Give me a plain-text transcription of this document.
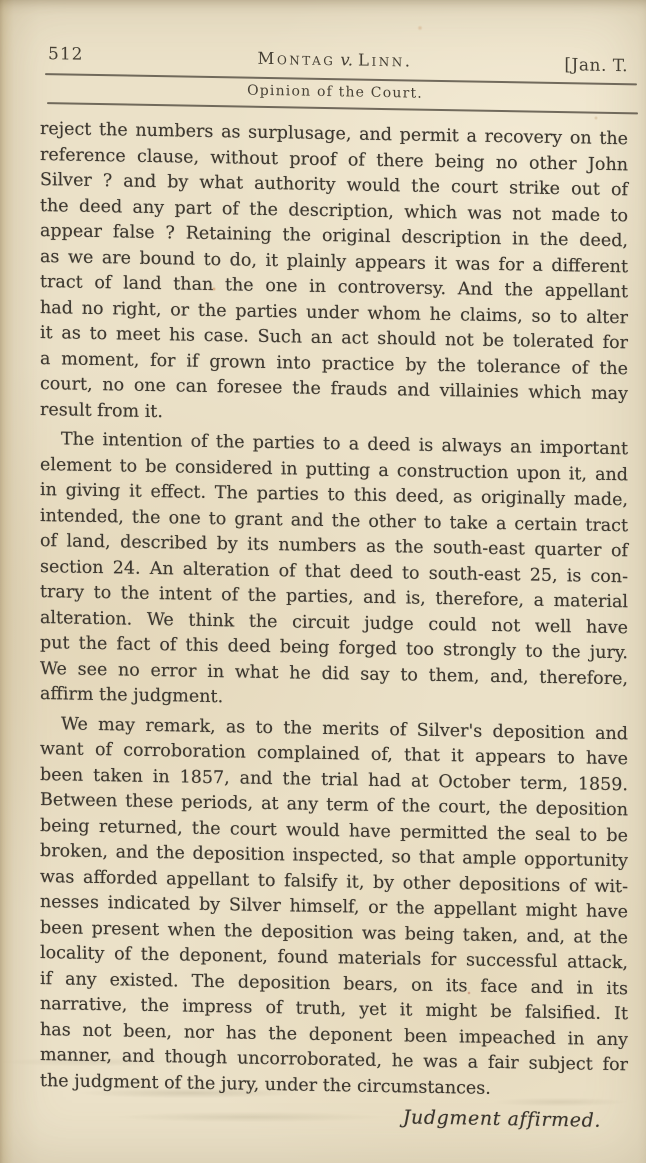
512	Montag v. Linn.	[Jan. T.
Opinion of the Court.
reject the numbers as surplusage, and permit a recovery on the
reference clause, without proof of there being no other John
Silver ? and by what authority would the court strike out of
the deed any part of the description, which was not made to
appear false ? Retaining the original description in the deed,
as we are bound to do, it plainly appears it was for a different
tract of land than the one in controversy. And the appellant
had no right, or the parties under whom he claims, so to alter
it as to meet his case. Such an act should not be tolerated for
a moment, for if grown into practice by the tolerance of the
court, no one can foresee the frauds and villainies which may
result from it.
The intention of the parties to a deed is always an important
element to be considered in putting a construction upon it, and
in giving it effect. The parties to this deed, as originally made,
intended, the one to grant and the other to take a certain tract
of land, described by its numbers as the south-east quarter of
section 24. An alteration of that deed to south-east 25, is con-
trary to the intent of the parties, and is, therefore, a material
alteration. We think the circuit judge could not well have
put the fact of this deed being forged too strongly to the jury.
We see no error in what he did say to them, and, therefore,
affirm the judgment.
We may remark, as to the merits of Silver's deposition and
want of corroboration complained of, that it appears to have
been taken in 1857, and the trial had at October term, 1859.
Between these periods, at any term of the court, the deposition
being returned, the court would have permitted the seal to be
broken, and the deposition inspected, so that ample opportunity
was afforded appellant to falsify it, by other depositions of wit-
nesses indicated by Silver himself, or the appellant might have
been present when the deposition was being taken, and, at the
locality of the deponent, found materials for successful attack,
if any existed. The deposition bears, on its face and in its
narrative, the impress of truth, yet it might be falsified. It
has not been, nor has the deponent been impeached in any
manner, and though uncorroborated, he was a fair subject for
the judgment of the jury, under the circumstances.
Judgment affirmed.
